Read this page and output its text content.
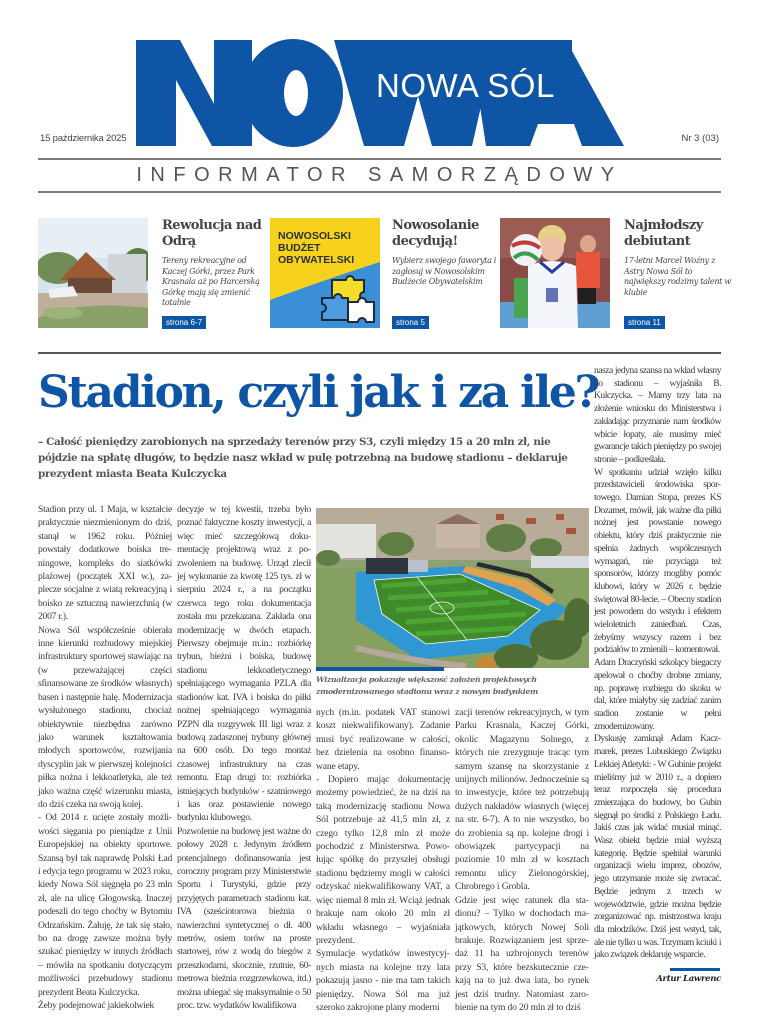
NOWA SÓL
15 października 2025	Nr 3 (03)
INFORMATOR SAMORZĄDOWY
Rewolucja nad Odrą
Tereny rekreacyjne od Kaczej Górki, przez Park Krasnala aż po Harcerską Górkę mają się zmienić totalnie
strona 6-7
NOWOSOLSKI BUDŻET OBYWATELSKI
Nowosolanie decydują!
Wybierz swojego faworyta i zagłosuj w Nowosolskim Budżecie Obywatelskim
strona 5
Najmłodszy debiutant
17-letni Marcel Woźny z Astry Nowa Sól to największy rodzimy talent w klubie
strona 11
Stadion, czyli jak i za ile?
– Całość pieniędzy zarobionych na sprzedaży terenów przy S3, czyli między 15 a 20 mln zł, nie pójdzie na spłatę długów, to będzie nasz wkład w pulę potrzebną na budowę stadionu – deklaruje prezydent miasta Beata Kulczycka

Stadion przy ul. 1 Maja, w kształcie praktycznie niezmienionym do dziś, stanął w 1962 roku. Później powstały dodatkowe boiska treningowe, kompleks do siatkówki plażowej (początek XXI w.), zaplecze socjalne z wiatą rekreacyjną i boisko ze sztuczną nawierzchnią (w 2007 r.).

Nowa Sól współcześnie obierała inne kierunki rozbudowy miejskiej infrastruktury sportowej stawiając na (w przeważającej części sfinansowane ze środków własnych) basen i następnie halę. Modernizacja wysłużonego stadionu, chociaż obiektywnie niezbędna zarówno jako warunek kształtowania młodych sportowców, rozwijania dyscyplin jak w pierwszej kolejności piłka nożna i lekkoatletyka, ale też jako ważna część wizerunku miasta, do dziś czeka na swoją kolej.

- Od 2014 r. ucięte zostały możliwości sięgania po pieniądze z Unii Europejskiej na obiekty sportowe. Szansą był tak naprawdę Polski Ład i edycja tego programu w 2023 roku, kiedy Nowa Sól sięgnęła po 23 mln zł, ale na ulicę Głogowską. Inaczej podeszli do tego choćby w Bytomiu Odrzańskim. Żałuję, że tak się stało, bo na drogę zawsze można były szukać pieniędzy w innych źródłach – mówiła na spotkaniu dotyczącym możliwości przebudowy stadionu prezydent Beata Kulczycka.

Żeby podejmować jakiekolwiek

decyzje w tej kwestii, trzeba było poznać faktyczne koszty inwestycji, a więc mieć szczegółową dokumentację projektową wraz z pozwoleniem na budowę. Urząd zlecił jej wykonanie za kwotę 125 tys. zł w sierpniu 2024 r., a na początku czerwca tego roku dokumentacja została mu przekazana. Zakłada ona modernizację w dwóch etapach. Pierwszy obejmuje m.in.: rozbiórkę trybun, bieżni i boiska, budowę stadionu lekkoatletycznego spełniającego wymagania PZLA dla stadionów kat. IVA i boiska do piłki nożnej spełniającego wymagania PZPN dla rozgrywek III ligi wraz z budową zadaszonej trybuny głównej na 600 osób. Do tego montaż czasowej infrastruktury na czas remontu. Etap drugi to: rozbiórka istniejących budynków - szatniowego i kas oraz postawienie nowego budynku klubowego.

Pozwolenie na budowę jest ważne do połowy 2028 r. Jedynym źródłem potencjalnego dofinansowania jest coroczny program przy Ministerstwie Sportu i Turystyki, gdzie przy przyjętych parametrach stadionu kat. IVA (sześciotorowa bieżnia o nawierzchni syntetycznej o dł. 400 metrów, osiem torów na proste startowej, rów z wodą do biegów z przeszkodami, skocznie, rzutnie, 60-metrowa bieżnia rozgrzewkowa, itd.) można ubiegać się maksymalnie o 50 proc. tzw. wydatków kwalifikowa

Wizualizacja pokazuje większość założeń projektowych zmodernizowanego stadionu wraz z nowym budynkiem

nych (m.in. podatek VAT stanowi koszt niekwalifikowany). Zadanie musi być realizowane w całości, bez dzielenia na osobno finansowane etapy.

- Dopiero mając dokumentację możemy powiedzieć, że na dziś na taką modernizację stadionu Nowa Sól potrzebuje aż 41,5 mln zł, z czego tylko 12,8 mln zł może pochodzić z Ministerstwa. Powołując spółkę do przyszłej obsługi stadionu będziemy mogli w całości odzyskać niekwalifikowany VAT, a więc niemal 8 mln zł. Wciąż jednak brakuje nam około 20 mln zł wkładu własnego – wyjaśniała prezydent.

Symulacje wydatków inwestycyjnych miasta na kolejne trzy lata pokazują jasno - nie ma tam takich pieniędzy. Nowa Sól ma już szeroko zakrojone plany moderni

zacji terenów rekreacyjnych, w tym Parku Krasnala, Kaczej Górki, okolic Magazynu Solnego, z których nie zrezygnuje tracąc tym samym szansę na skorzystanie z unijnych milionów. Jednocześnie są to inwestycje, które też potrzebują dużych nakładów własnych (więcej na str. 6-7). A to nie wszystko, bo do zrobienia są np. kolejne drogi i obowiązek partycypacji na poziomie 10 mln zł w kosztach remontu ulicy Zielonogórskiej, Chrobrego i Grobla.

Gdzie jest więc ratunek dla stadionu? – Tylko w dochodach majątkowych, których Nowej Soli brakuje. Rozwiązaniem jest sprzedaż 11 ha uzbrojonych terenów przy S3, które bezskutecznie czekają na to już dwa lata, bo rynek jest dziś trudny. Natomiast zarobienie na tym do 20 mln zł to dziś

nasza jedyna szansa na wkład własny do stadionu – wyjaśniła B. Kulczycka. – Mamy trzy lata na złożenie wniosku do Ministerstwa i zakładając przyznanie nam środków wbicie łopaty, ale musimy mieć gwarancje takich pieniędzy po swojej stronie – podkreślała.

W spotkaniu udział wzięło kilku przedstawicieli środowiska sportowego. Damian Stopa, prezes KS Dozamet, mówił, jak ważne dla piłki nożnej jest powstanie nowego obiektu, który dziś praktycznie nie spełnia żadnych współczesnych wymagań, nie przyciąga też sponsorów, którzy mogliby pomóc klubowi, który w 2026 r. będzie świętował 80-lecie. – Obecny stadion jest powodem do wstydu i efektem wieloletnich zaniedbań. Czas, żebyśmy wszyscy razem i bez podziałów to zmienili – komentował.

Adam Draczyński szkolący biegaczy apelował o choćby drobne zmiany, np. poprawę rozbiegu do skoku w dal, które miałyby się zadziać zanim stadion zostanie w pełni zmodernizowany.

Dyskusję zamknął Adam Kaczmarek, prezes Lubuskiego Związku Lekkiej Atletyki: - W Gubinie projekt mieliśmy już w 2010 r., a dopiero teraz rozpoczęła się procedura zmierzająca do budowy, bo Gubin sięgnął po środki z Polskiego Ładu. Jakiś czas jak widać musiał minąć. Wasz obiekt będzie miał wyższą kategorię. Będzie spełniał warunki organizacji wielu imprez, obozów, jego utrzymanie może się zwracać. Będzie jednym z trzech w województwie, gdzie można będzie zorganizować np. mistrzostwa kraju dla młodzików. Dziś jest wstyd, tak, ale nie tylko u was. Trzymam kciuki i jako związek deklaruję wsparcie.

Artur Lawrenc
